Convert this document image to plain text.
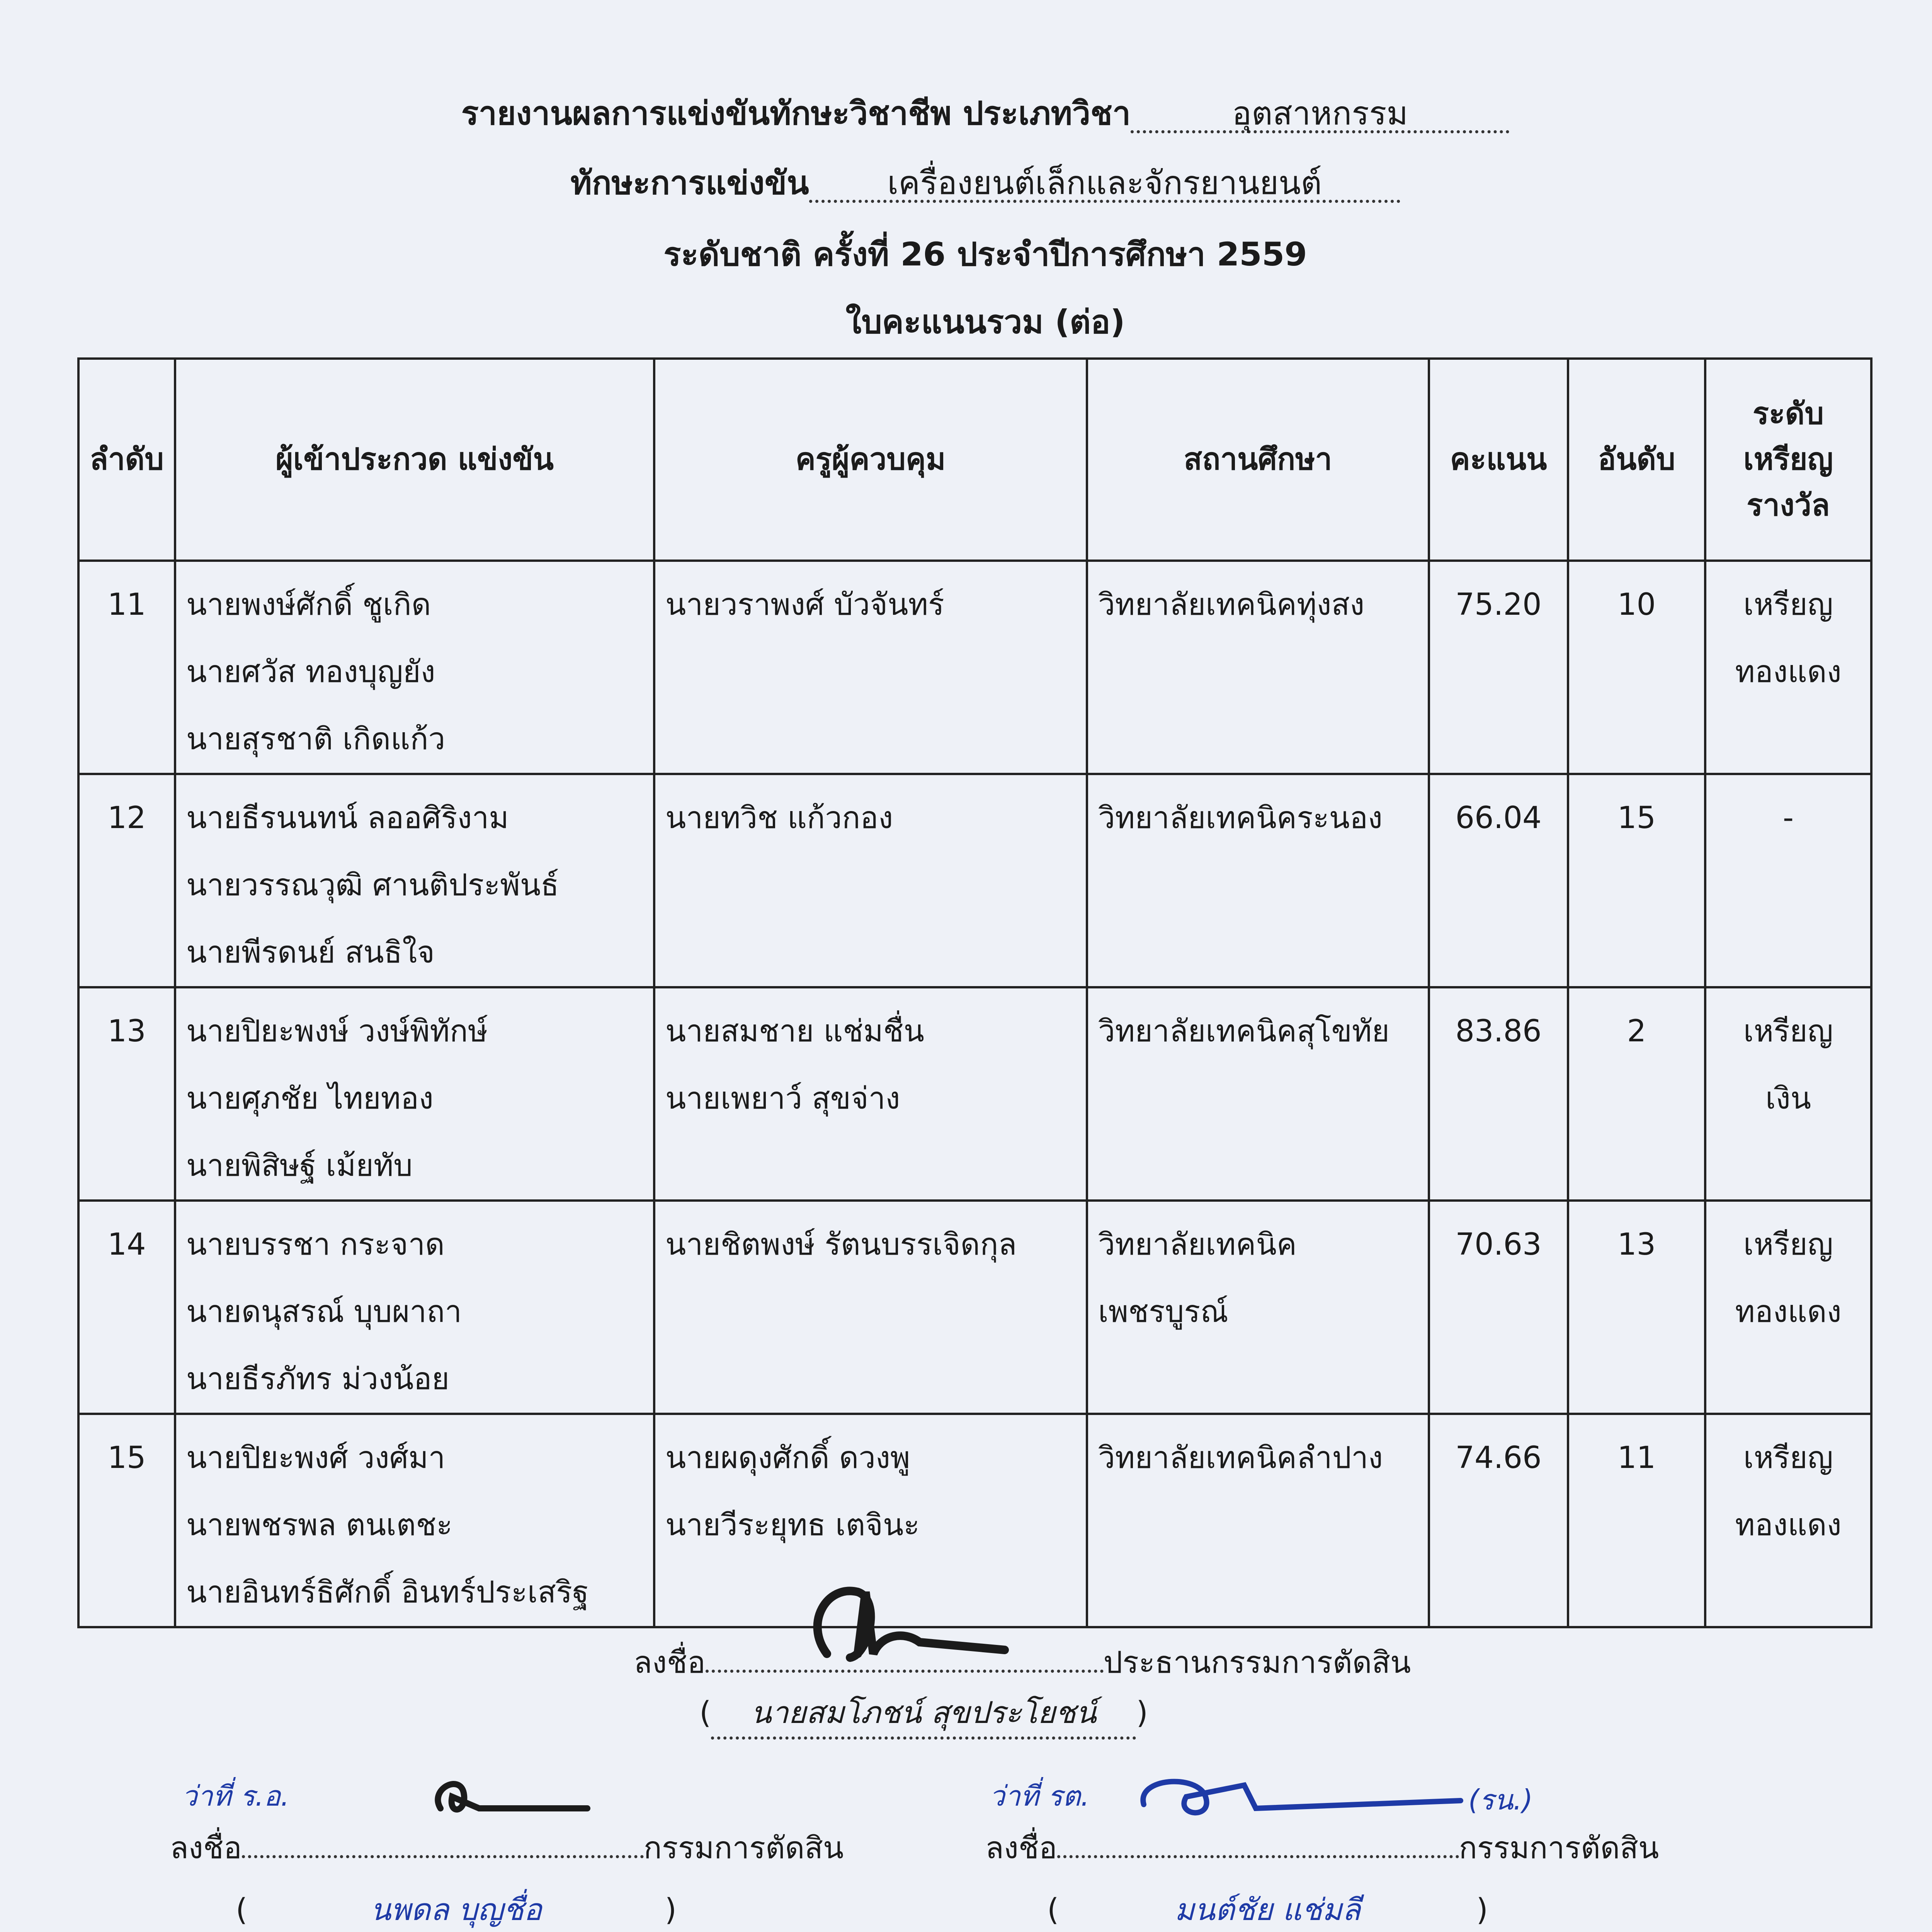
รายงานผลการแข่งขันทักษะวิชาชีพ ประเภทวิชา	อุตสาหกรรม
ทักษะการแข่งขัน เครื่องยนต์เล็กและจักรยานยนต์
ระดับชาติ ครั้งที่ 26 ประจำปีการศึกษา 2559
ใบคะแนนรวม (ต่อ)
ลำดับ	ผู้เข้าประกวด แข่งขัน	ครูผู้ควบคุม	สถานศึกษา	คะแนน	อันดับ	ระดับ
เหรียญ
รางวัล

11	นายพงษ์ศักดิ์ ชูเกิด
นายศวัส ทองบุญยัง
นายสุรชาติ เกิดแก้ว	นายวราพงศ์ บัวจันทร์	วิทยาลัยเทคนิคทุ่งสง	75.20	10	เหรียญ
ทองแดง

12	นายธีรนนทน์ ลออศิริงาม
นายวรรณวุฒิ ศานติประพันธ์
นายพีรดนย์ สนธิใจ	นายทวิช แก้วกอง	วิทยาลัยเทคนิคระนอง	66.04	15	-

13	นายปิยะพงษ์ วงษ์พิทักษ์
นายศุภชัย ไทยทอง
นายพิสิษฐ์ เม้ยทับ	นายสมชาย แช่มชื่น
นายเพยาว์ สุขจ่าง	วิทยาลัยเทคนิคสุโขทัย	83.86	2	เหรียญ
เงิน

14	นายบรรชา กระจาด
นายดนุสรณ์ บุบผาถา
นายธีรภัทร ม่วงน้อย	นายชิตพงษ์ รัตนบรรเจิดกุล	วิทยาลัยเทคนิค
เพชรบูรณ์	70.63	13	เหรียญ
ทองแดง

15	นายปิยะพงศ์ วงศ์มา
นายพชรพล ตนเตชะ
นายอินทร์ธิศักดิ์ อินทร์ประเสริฐ	นายผดุงศักดิ์ ดวงพู
นายวีระยุทธ เตจินะ	วิทยาลัยเทคนิคลำปาง	74.66	11	เหรียญ
ทองแดง
ลงชื่อ	ประธานกรรมการตัดสิน
( นายสมโภชน์ สุขประโยชน์ )
ว่าที่ ร.อ.
ลงชื่อ	กรรมการตัดสิน
(	นพดล บุญชื่อ	)
ว่าที่ รต.	(รน.)
ลงชื่อ	กรรมการตัดสิน
(	มนต์ชัย แช่มลี	)
